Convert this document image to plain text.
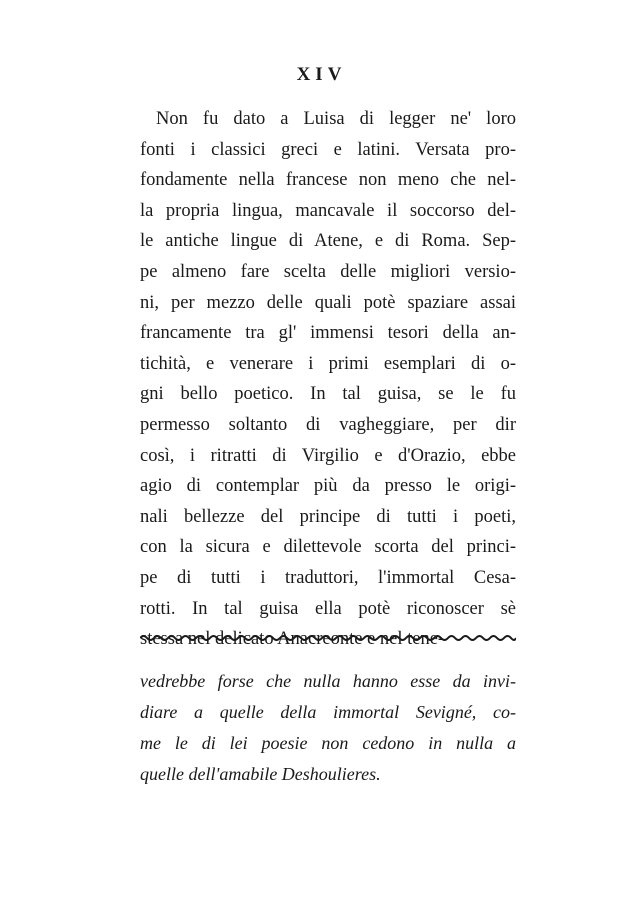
XIV
Non fu dato a Luisa di legger ne' loro
fonti i classici greci e latini. Versata pro-
fondamente nella francese non meno che nel-
la propria lingua, mancavale il soccorso del-
le antiche lingue di Atene, e di Roma. Sep-
pe almeno fare scelta delle migliori versio-
ni, per mezzo delle quali potè spaziare assai
francamente tra gl' immensi tesori della an-
tichità, e venerare i primi esemplari di o-
gni bello poetico. In tal guisa, se le fu
permesso soltanto di vagheggiare, per dir
così, i ritratti di Virgilio e d'Orazio, ebbe
agio di contemplar più da presso le origi-
nali bellezze del principe di tutti i poeti,
con la sicura e dilettevole scorta del princi-
pe di tutti i traduttori, l'immortal Cesa-
rotti. In tal guisa ella potè riconoscer sè
stessa nel delicato Anacreonte e nel tene-
vedrebbe forse che nulla hanno esse da invi-
diare a quelle della immortal Sevigné, co-
me le di lei poesie non cedono in nulla a
quelle dell'amabile Deshoulieres.
